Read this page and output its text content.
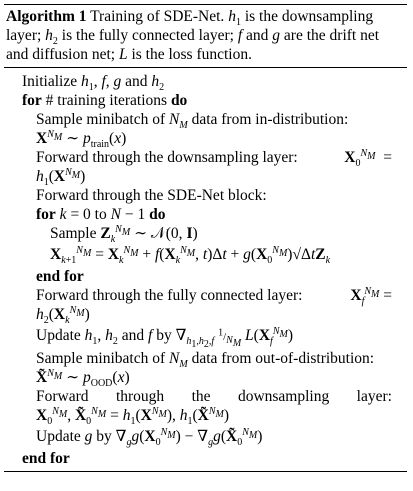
Algorithm 1 Training of SDE-Net. $h_1$ is the downsampling layer; $h_2$ is the fully connected layer; f and g are the drift net and diffusion net; L is the loss function.
Initialize $h_1$, f, g and $h_2$
for # training iterations do
Sample minibatch of $N_M$ data from in-distribution:
$X^{N_M}$ ∼ $p_{train}(x)$
Forward through the downsampling layer:	$X_0^{N_M}$  =
$h_1(X^{N_M})$
Forward through the SDE-Net block:
for k = 0 to N − 1 do
Sample $Z_k^{N_M}$ ∼ 𝒩(0, I)
$X_{k+1}^{N_M} = X_k^{N_M} + f(X_k^{N_M}$, $t)\Delta t + g(X_0^{N_M})√\Delta tZ_k$
end for
Forward through the fully connected layer:	$X_f^{N_M}$ =
$h_2(X_k^{N_M})$
Update $h_1$, $h_2$ and f by $\nabla_{h_1,h_2,f}$ $^1/_{N_M}$ $L(X_f^{N_M})$
Sample minibatch of $N_M$ data from out-of-distribution:
X̃$^{N_M}$ ∼ $p_{OOD}(x)$
Forward through the downsampling layer:
$X_0^{N_M}$, $X̃_0^{N_M} = h_1(X^{N_M})$, $h_1(X̃^{N_M})$
Update g by $\nabla_gg(X_0^{N_M})$ − $\nabla_gg(X̃_0^{N_M})$
end for
